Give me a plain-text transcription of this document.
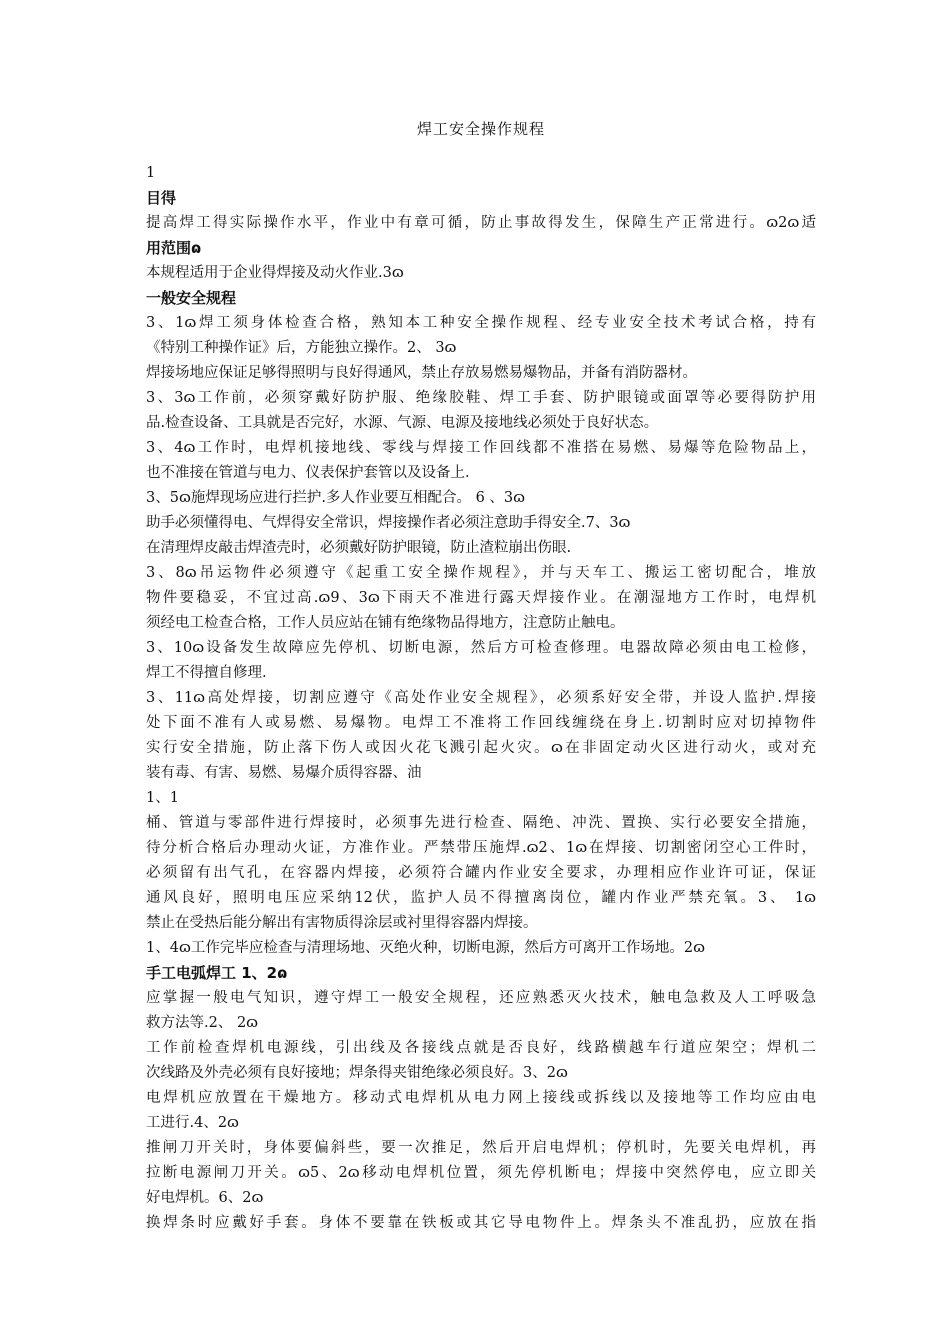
焊工安全操作规程
1
目得
提高焊工得实际操作水平，作业中有章可循，防止事故得发生，保障生产正常进行。ɷ2ɷ适
用范围ɷ
本规程适用于企业得焊接及动火作业.3ɷ
一般安全规程
3、1ɷ焊工须身体检查合格，熟知本工种安全操作规程、经专业安全技术考试合格，持有
《特别工种操作证》后，方能独立操作。2、 3ɷ
焊接场地应保证足够得照明与良好得通风，禁止存放易燃易爆物品，并备有消防器材。
3、3ɷ工作前，必须穿戴好防护服、绝缘胶鞋、焊工手套、防护眼镜或面罩等必要得防护用
品.检查设备、工具就是否完好，水源、气源、电源及接地线必须处于良好状态。
3、4ɷ工作时，电焊机接地线、零线与焊接工作回线都不准搭在易燃、易爆等危险物品上，
也不准接在管道与电力、仪表保护套管以及设备上.
3、5ɷ施焊现场应进行拦护.多人作业要互相配合。 6 、3ɷ
助手必须懂得电、气焊得安全常识，焊接操作者必须注意助手得安全.7、3ɷ
在清理焊皮敲击焊渣壳时，必须戴好防护眼镜，防止渣粒崩出伤眼.
3、8ɷ吊运物件必须遵守《起重工安全操作规程》，并与天车工、搬运工密切配合，堆放
物件要稳妥，不宜过高.ɷ9、3ɷ下雨天不准进行露天焊接作业。在潮湿地方工作时，电焊机
须经电工检查合格，工作人员应站在铺有绝缘物品得地方，注意防止触电。
3、10ɷ设备发生故障应先停机、切断电源，然后方可检查修理。电器故障必须由电工检修，
焊工不得擅自修理.
3、11ɷ高处焊接，切割应遵守《高处作业安全规程》，必须系好安全带，并设人监护.焊接
处下面不准有人或易燃、易爆物。电焊工不准将工作回线缠绕在身上.切割时应对切掉物件
实行安全措施，防止落下伤人或因火花飞溅引起火灾。ɷ在非固定动火区进行动火，或对充
装有毒、有害、易燃、易爆介质得容器、油
1、1
桶、管道与零部件进行焊接时，必须事先进行检查、隔绝、冲洗、置换、实行必要安全措施，
待分析合格后办理动火证，方准作业。严禁带压施焊.ɷ2、1ɷ在焊接、切割密闭空心工件时，
必须留有出气孔，在容器内焊接，必须符合罐内作业安全要求，办理相应作业许可证，保证
通风良好，照明电压应采纳12伏，监护人员不得擅离岗位，罐内作业严禁充氧。3、 1ɷ
禁止在受热后能分解出有害物质得涂层或衬里得容器内焊接。
1、4ɷ工作完毕应检查与清理场地、灭绝火种，切断电源，然后方可离开工作场地。2ɷ
手工电弧焊工 1、2ɷ
应掌握一般电气知识，遵守焊工一般安全规程，还应熟悉灭火技术，触电急救及人工呼吸急
救方法等.2、 2ɷ
工作前检查焊机电源线，引出线及各接线点就是否良好，线路横越车行道应架空；焊机二
次线路及外壳必须有良好接地；焊条得夹钳绝缘必须良好。3、2ɷ
电焊机应放置在干燥地方。移动式电焊机从电力网上接线或拆线以及接地等工作均应由电
工进行.4、2ɷ
推闸刀开关时，身体要偏斜些，要一次推足，然后开启电焊机；停机时，先要关电焊机，再
拉断电源闸刀开关。ɷ5、2ɷ移动电焊机位置，须先停机断电；焊接中突然停电，应立即关
好电焊机。6、2ɷ
换焊条时应戴好手套。身体不要靠在铁板或其它导电物件上。焊条头不准乱扔，应放在指
